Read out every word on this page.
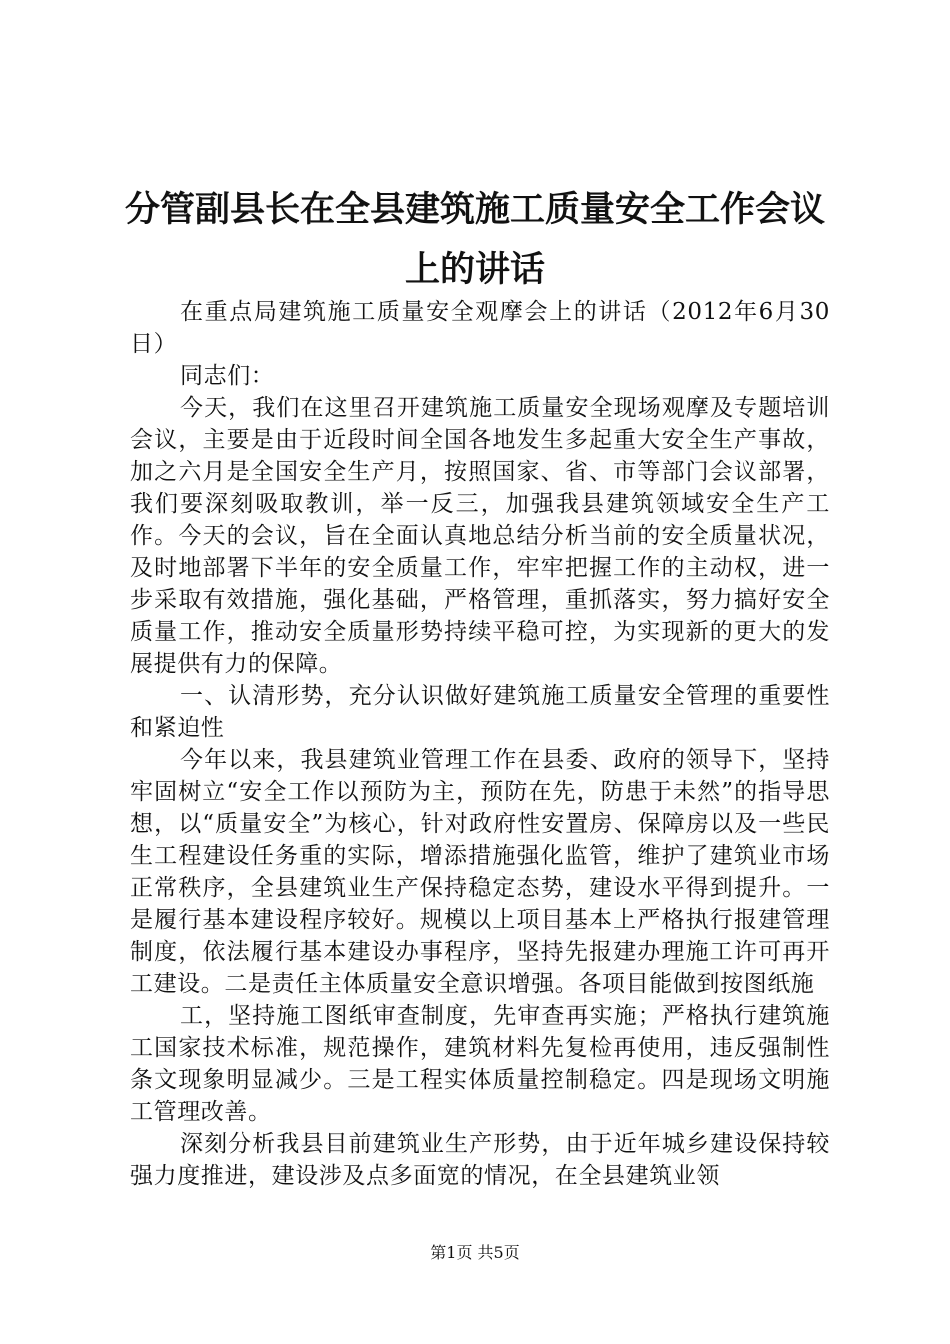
分管副县长在全县建筑施工质量安全工作会议
上的讲话

在重点局建筑施工质量安全观摩会上的讲话（2012年6月30日）

同志们：

今天，我们在这里召开建筑施工质量安全现场观摩及专题培训会议，主要是由于近段时间全国各地发生多起重大安全生产事故，加之六月是全国安全生产月，按照国家、省、市等部门会议部署，我们要深刻吸取教训，举一反三，加强我县建筑领域安全生产工作。今天的会议，旨在全面认真地总结分析当前的安全质量状况，及时地部署下半年的安全质量工作，牢牢把握工作的主动权，进一步采取有效措施，强化基础，严格管理，重抓落实，努力搞好安全质量工作，推动安全质量形势持续平稳可控，为实现新的更大的发展提供有力的保障。

一、认清形势，充分认识做好建筑施工质量安全管理的重要性和紧迫性

今年以来，我县建筑业管理工作在县委、政府的领导下，坚持牢固树立“安全工作以预防为主，预防在先，防患于未然”的指导思想，以“质量安全”为核心，针对政府性安置房、保障房以及一些民生工程建设任务重的实际，增添措施强化监管，维护了建筑业市场正常秩序，全县建筑业生产保持稳定态势，建设水平得到提升。一是履行基本建设程序较好。规模以上项目基本上严格执行报建管理制度，依法履行基本建设办事程序，坚持先报建办理施工许可再开工建设。二是责任主体质量安全意识增强。各项目能做到按图纸施

工，坚持施工图纸审查制度，先审查再实施；严格执行建筑施工国家技术标准，规范操作，建筑材料先复检再使用，违反强制性条文现象明显减少。三是工程实体质量控制稳定。四是现场文明施工管理改善。

深刻分析我县目前建筑业生产形势，由于近年城乡建设保持较强力度推进，建设涉及点多面宽的情况，在全县建筑业领

第1页 共5页
